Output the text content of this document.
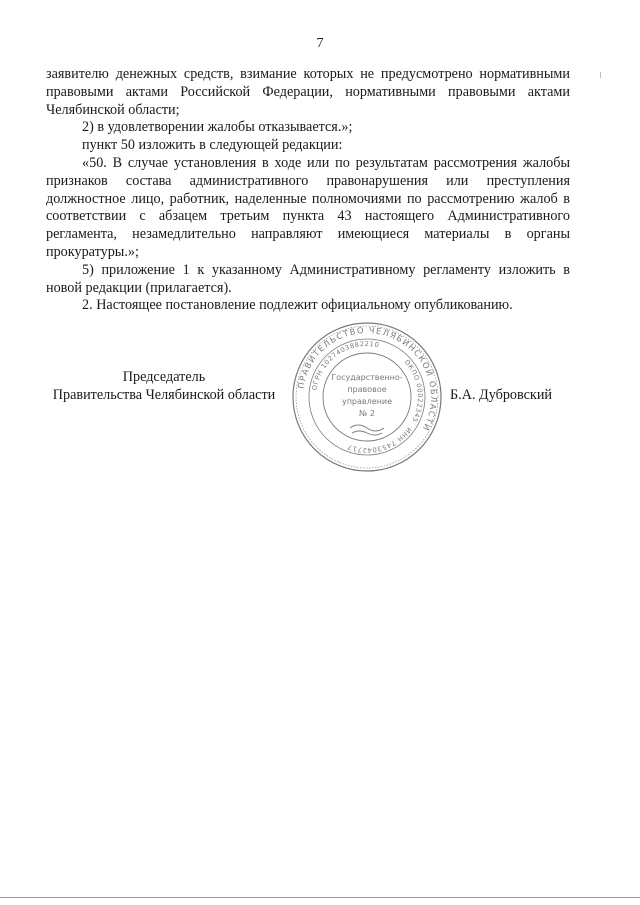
7

заявителю денежных средств, взимание которых не предусмотрено нормативными правовыми актами Российской Федерации, нормативными правовыми актами Челябинской области;

2) в удовлетворении жалобы отказывается.»;

пункт 50 изложить в следующей редакции:

«50. В случае установления в ходе или по результатам рассмотрения жалобы признаков состава административного правонарушения или преступления должностное лицо, работник, наделенные полномочиями по рассмотрению жалоб в соответствии с абзацем третьим пункта 43 настоящего Административного регламента, незамедлительно направляют имеющиеся материалы в органы прокуратуры.»;

5) приложение 1 к указанному Административному регламенту изложить в новой редакции (прилагается).

2. Настоящее постановление подлежит официальному опубликованию.

Председатель
Правительства Челябинской области	Б.А. Дубровский
ПРАВИТЕЛЬСТВО ЧЕЛЯБИНСКОЙ ОБЛАСТИ
ОГРН 1027403882210
ОКПО 00022345
ИНН 7453042717
Государственно-
правовое
управление
№ 2
